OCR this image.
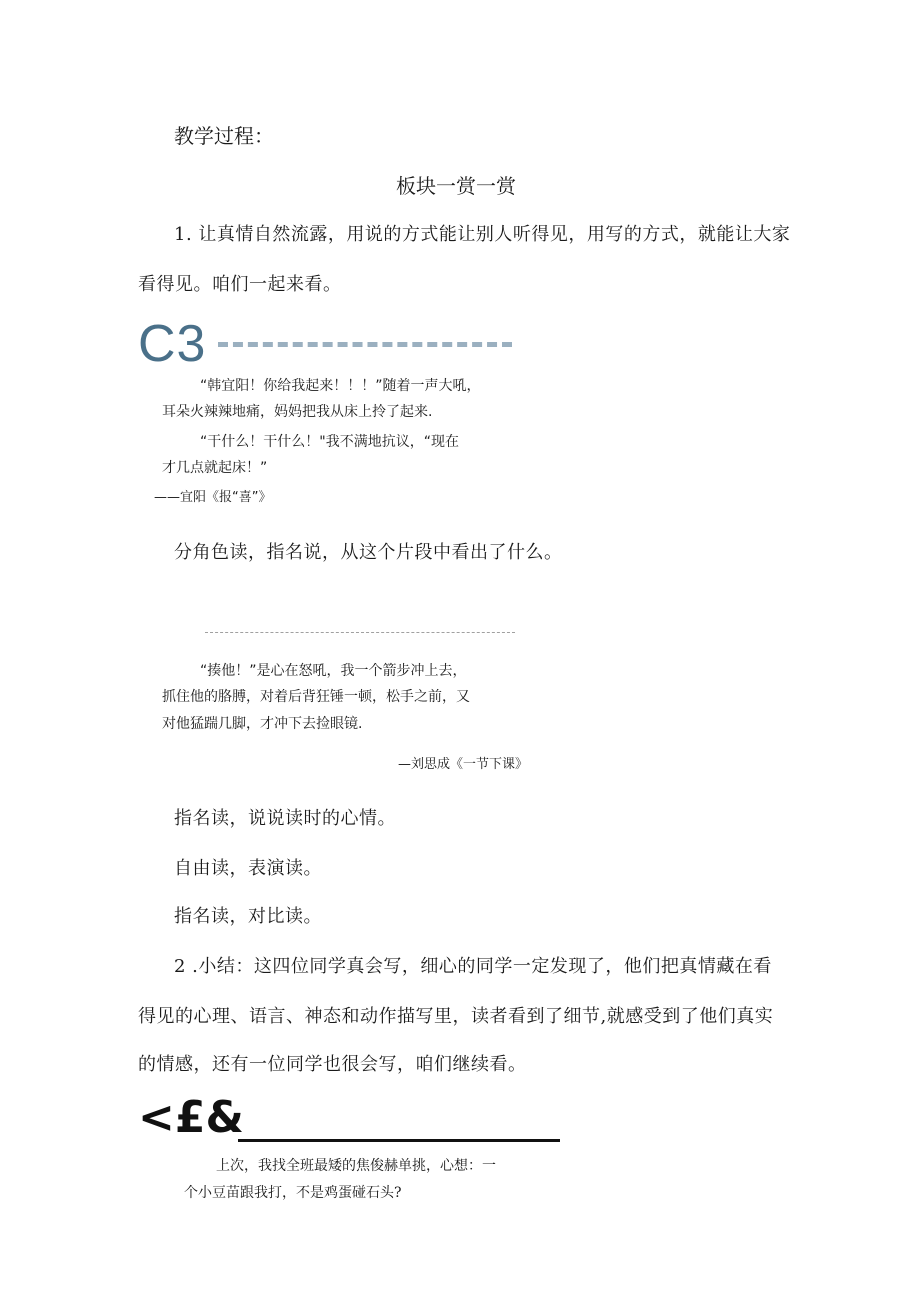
教学过程：
板块一赏一赏
1. 让真情自然流露，用说的方式能让别人听得见，用写的方式，就能让大家
看得见。咱们一起来看。
C3
“韩宜阳！你给我起来！！！”随着一声大吼，
耳朵火辣辣地痛，妈妈把我从床上拎了起来.
“干什么！干什么！"我不满地抗议，“现在
才几点就起床！”
——宜阳《报“喜”》
分角色读，指名说，从这个片段中看出了什么。
“揍他！”是心在怒吼，我一个箭步冲上去，
抓住他的胳膊，对着后背狂锤一顿，松手之前，又
对他猛踹几脚，才冲下去捡眼镜.
—刘思成《一节下课》
指名读，说说读时的心情。
自由读，表演读。
指名读，对比读。
2 .小结：这四位同学真会写，细心的同学一定发现了，他们把真情藏在看
得见的心理、语言、神态和动作描写里，读者看到了细节,就感受到了他们真实
的情感，还有一位同学也很会写，咱们继续看。
<£&
上次，我找全班最矮的焦俊赫单挑，心想：一
个小豆苗跟我打，不是鸡蛋碰石头?
